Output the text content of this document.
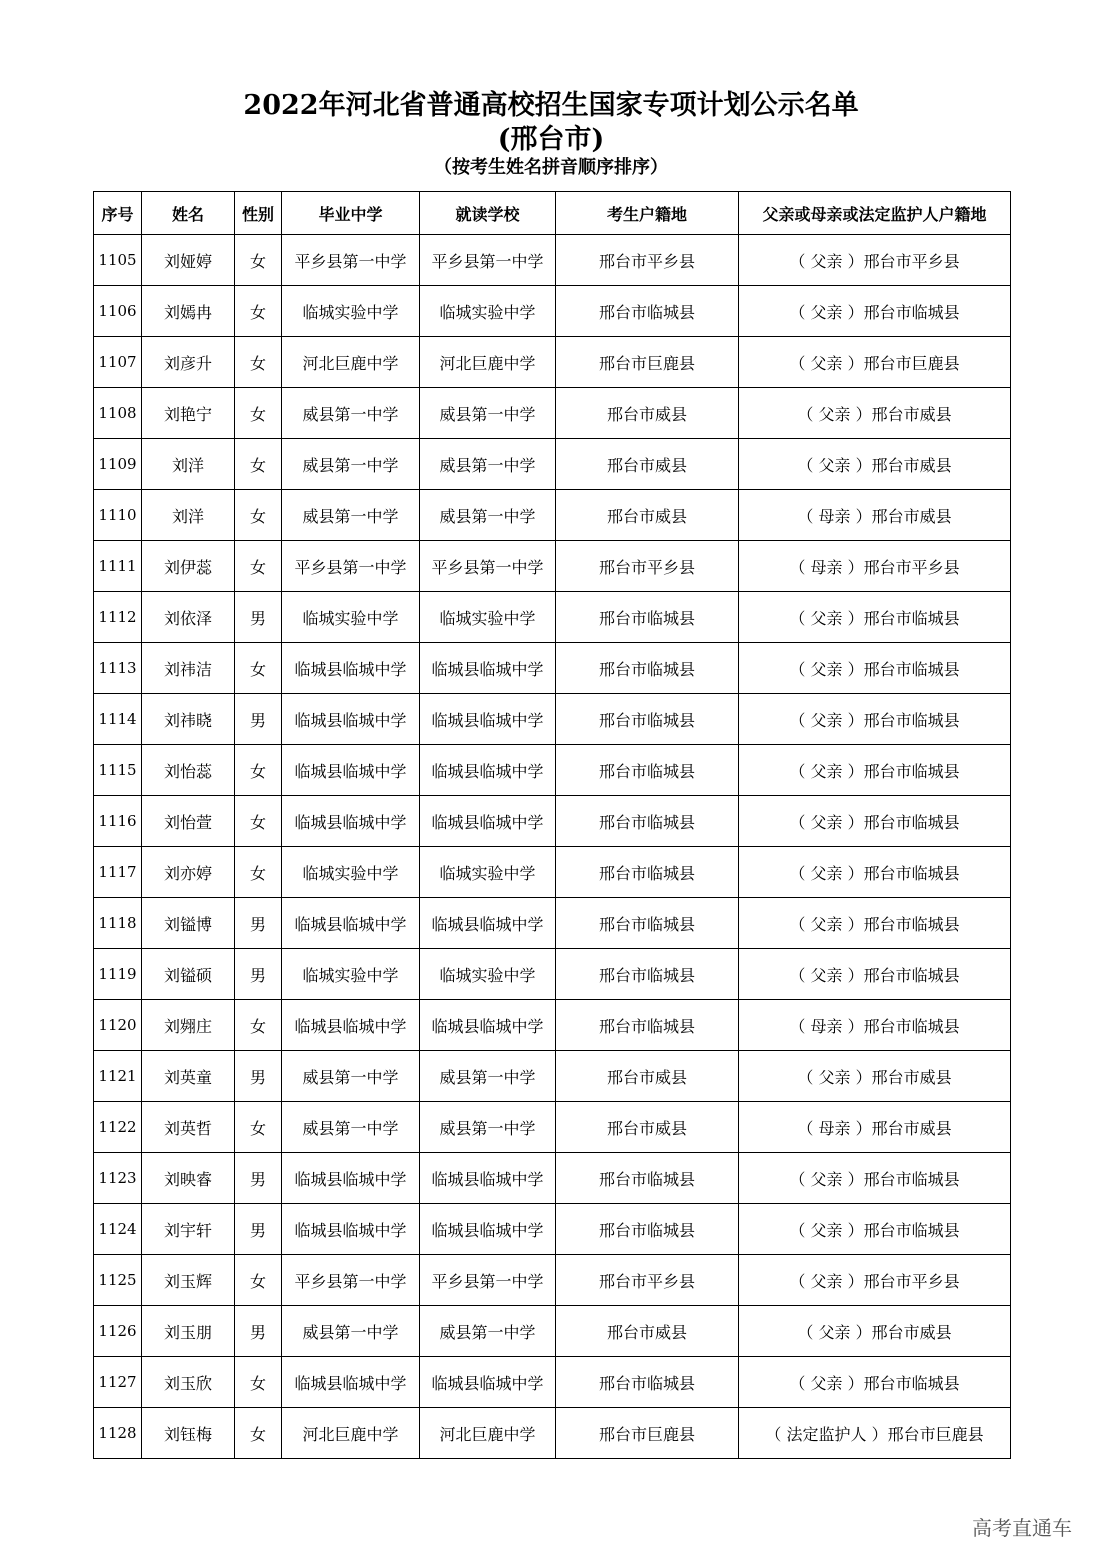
2022年河北省普通高校招生国家专项计划公示名单
(邢台市)
（按考生姓名拼音顺序排序）
序号	姓名	性别	毕业中学	就读学校	考生户籍地	父亲或母亲或法定监护人户籍地
1105	刘娅婷	女	平乡县第一中学	平乡县第一中学	邢台市平乡县	（ 父亲 ）邢台市平乡县
1106	刘嫣冉	女	临城实验中学	临城实验中学	邢台市临城县	（ 父亲 ）邢台市临城县
1107	刘彦升	女	河北巨鹿中学	河北巨鹿中学	邢台市巨鹿县	（ 父亲 ）邢台市巨鹿县
1108	刘艳宁	女	威县第一中学	威县第一中学	邢台市威县	（ 父亲 ）邢台市威县
1109	刘洋	女	威县第一中学	威县第一中学	邢台市威县	（ 父亲 ）邢台市威县
1110	刘洋	女	威县第一中学	威县第一中学	邢台市威县	（ 母亲 ）邢台市威县
1111	刘伊蕊	女	平乡县第一中学	平乡县第一中学	邢台市平乡县	（ 母亲 ）邢台市平乡县
1112	刘依泽	男	临城实验中学	临城实验中学	邢台市临城县	（ 父亲 ）邢台市临城县
1113	刘祎洁	女	临城县临城中学	临城县临城中学	邢台市临城县	（ 父亲 ）邢台市临城县
1114	刘祎晓	男	临城县临城中学	临城县临城中学	邢台市临城县	（ 父亲 ）邢台市临城县
1115	刘怡蕊	女	临城县临城中学	临城县临城中学	邢台市临城县	（ 父亲 ）邢台市临城县
1116	刘怡萱	女	临城县临城中学	临城县临城中学	邢台市临城县	（ 父亲 ）邢台市临城县
1117	刘亦婷	女	临城实验中学	临城实验中学	邢台市临城县	（ 父亲 ）邢台市临城县
1118	刘镒博	男	临城县临城中学	临城县临城中学	邢台市临城县	（ 父亲 ）邢台市临城县
1119	刘镒硕	男	临城实验中学	临城实验中学	邢台市临城县	（ 父亲 ）邢台市临城县
1120	刘翙庄	女	临城县临城中学	临城县临城中学	邢台市临城县	（ 母亲 ）邢台市临城县
1121	刘英童	男	威县第一中学	威县第一中学	邢台市威县	（ 父亲 ）邢台市威县
1122	刘英哲	女	威县第一中学	威县第一中学	邢台市威县	（ 母亲 ）邢台市威县
1123	刘映睿	男	临城县临城中学	临城县临城中学	邢台市临城县	（ 父亲 ）邢台市临城县
1124	刘宇轩	男	临城县临城中学	临城县临城中学	邢台市临城县	（ 父亲 ）邢台市临城县
1125	刘玉辉	女	平乡县第一中学	平乡县第一中学	邢台市平乡县	（ 父亲 ）邢台市平乡县
1126	刘玉朋	男	威县第一中学	威县第一中学	邢台市威县	（ 父亲 ）邢台市威县
1127	刘玉欣	女	临城县临城中学	临城县临城中学	邢台市临城县	（ 父亲 ）邢台市临城县
1128	刘钰梅	女	河北巨鹿中学	河北巨鹿中学	邢台市巨鹿县	（ 法定监护人 ）邢台市巨鹿县
高考直通车
